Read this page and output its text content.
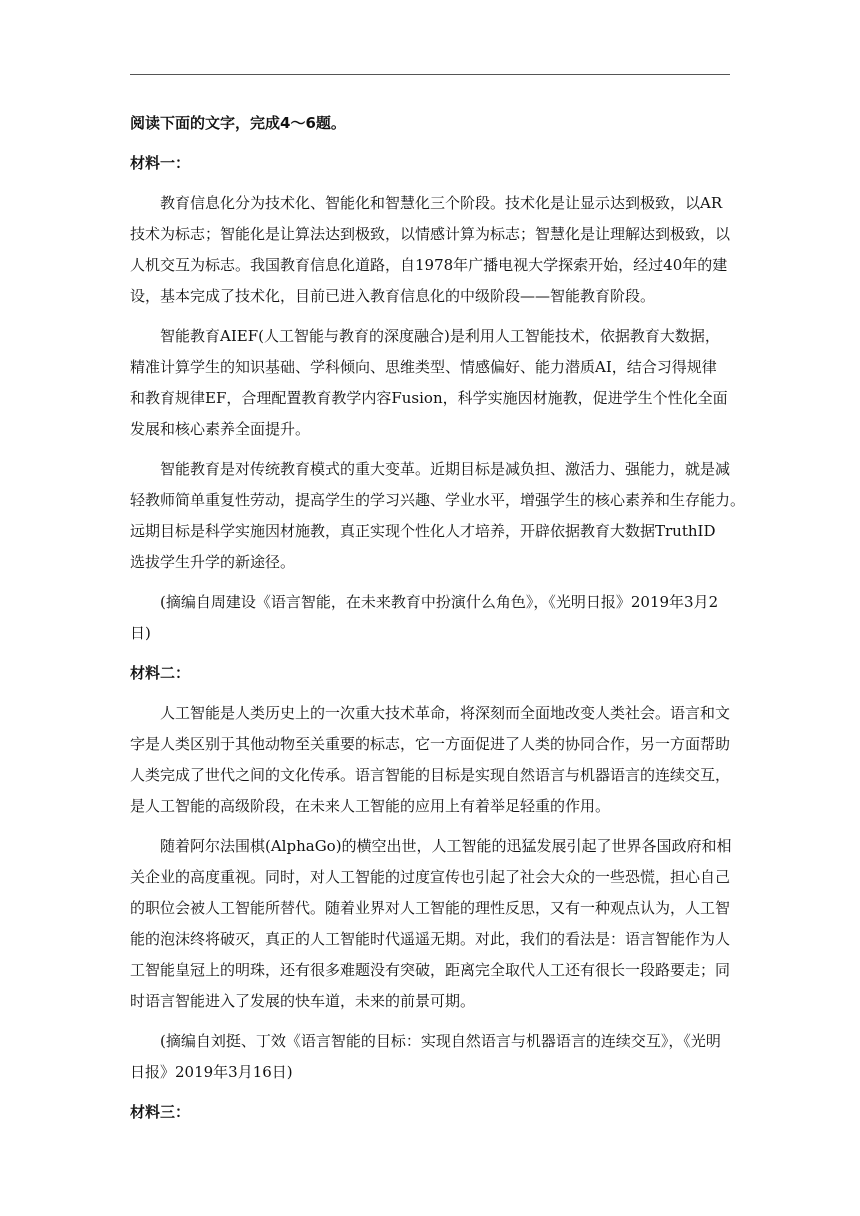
阅读下面的文字，完成4～6题。
材料一：
　　教育信息化分为技术化、智能化和智慧化三个阶段。技术化是让显示达到极致，以AR
技术为标志；智能化是让算法达到极致，以情感计算为标志；智慧化是让理解达到极致，以
人机交互为标志。我国教育信息化道路，自1978年广播电视大学探索开始，经过40年的建
设，基本完成了技术化，目前已进入教育信息化的中级阶段——智能教育阶段。
　　智能教育AIEF(人工智能与教育的深度融合)是利用人工智能技术，依据教育大数据，
精准计算学生的知识基础、学科倾向、思维类型、情感偏好、能力潜质AI，结合习得规律
和教育规律EF，合理配置教育教学内容Fusion，科学实施因材施教，促进学生个性化全面
发展和核心素养全面提升。
　　智能教育是对传统教育模式的重大变革。近期目标是减负担、激活力、强能力，就是减
轻教师简单重复性劳动，提高学生的学习兴趣、学业水平，增强学生的核心素养和生存能力。
远期目标是科学实施因材施教，真正实现个性化人才培养，开辟依据教育大数据TruthID
选拔学生升学的新途径。
　　(摘编自周建设《语言智能，在未来教育中扮演什么角色》，《光明日报》2019年3月2
日)
材料二：
　　人工智能是人类历史上的一次重大技术革命，将深刻而全面地改变人类社会。语言和文
字是人类区别于其他动物至关重要的标志，它一方面促进了人类的协同合作，另一方面帮助
人类完成了世代之间的文化传承。语言智能的目标是实现自然语言与机器语言的连续交互，
是人工智能的高级阶段，在未来人工智能的应用上有着举足轻重的作用。
　　随着阿尔法围棋(AlphaGo)的横空出世，人工智能的迅猛发展引起了世界各国政府和相
关企业的高度重视。同时，对人工智能的过度宣传也引起了社会大众的一些恐慌，担心自己
的职位会被人工智能所替代。随着业界对人工智能的理性反思，又有一种观点认为，人工智
能的泡沫终将破灭，真正的人工智能时代遥遥无期。对此，我们的看法是：语言智能作为人
工智能皇冠上的明珠，还有很多难题没有突破，距离完全取代人工还有很长一段路要走；同
时语言智能进入了发展的快车道，未来的前景可期。
　　(摘编自刘挺、丁效《语言智能的目标：实现自然语言与机器语言的连续交互》，《光明
日报》2019年3月16日)
材料三：
